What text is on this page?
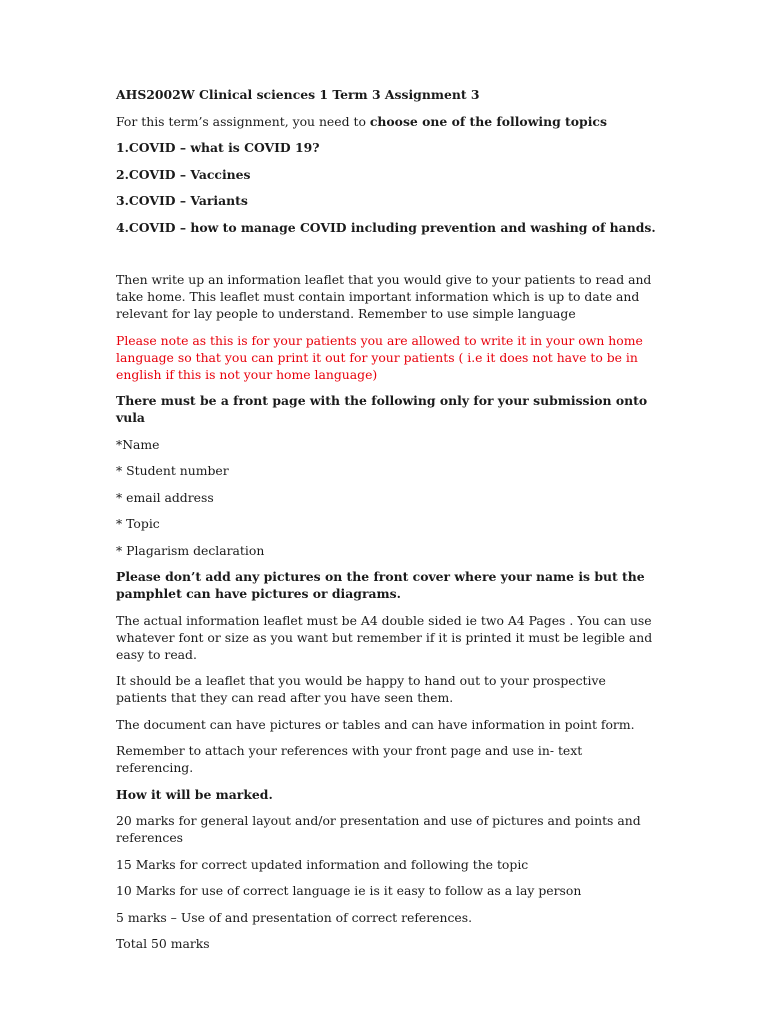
AHS2002W Clinical sciences 1 Term 3 Assignment 3

For this term’s assignment, you need to choose one of the following topics

1.COVID – what is COVID 19?

2.COVID – Vaccines

3.COVID – Variants

4.COVID – how to manage COVID including prevention and washing of hands.

Then write up an information leaflet that you would give to your patients to read and take home. This leaflet must contain important information which is up to date and relevant for lay people to understand. Remember to use simple language

Please note as this is for your patients you are allowed to write it in your own home language so that you can print it out for your patients ( i.e it does not have to be in english if this is not your home language)

There must be a front page with the following only for your submission onto vula

*Name

* Student number

* email address

* Topic

* Plagarism declaration

Please don’t add any pictures on the front cover where your name is but the pamphlet can have pictures or diagrams.

The actual information leaflet must be A4 double sided ie two A4 Pages . You can use whatever font or size as you want but remember if it is printed it must be legible and easy to read.

It should be a leaflet that you would be happy to hand out to your prospective patients that they can read after you have seen them.

The document can have pictures or tables and can have information in point form.

Remember to attach your references with your front page and use in- text referencing.

How it will be marked.

20 marks for general layout and/or presentation and use of pictures and points and references

15 Marks for correct updated information and following the topic

10 Marks for use of correct language ie is it easy to follow as a lay person

5 marks – Use of and presentation of correct references.

Total 50 marks
